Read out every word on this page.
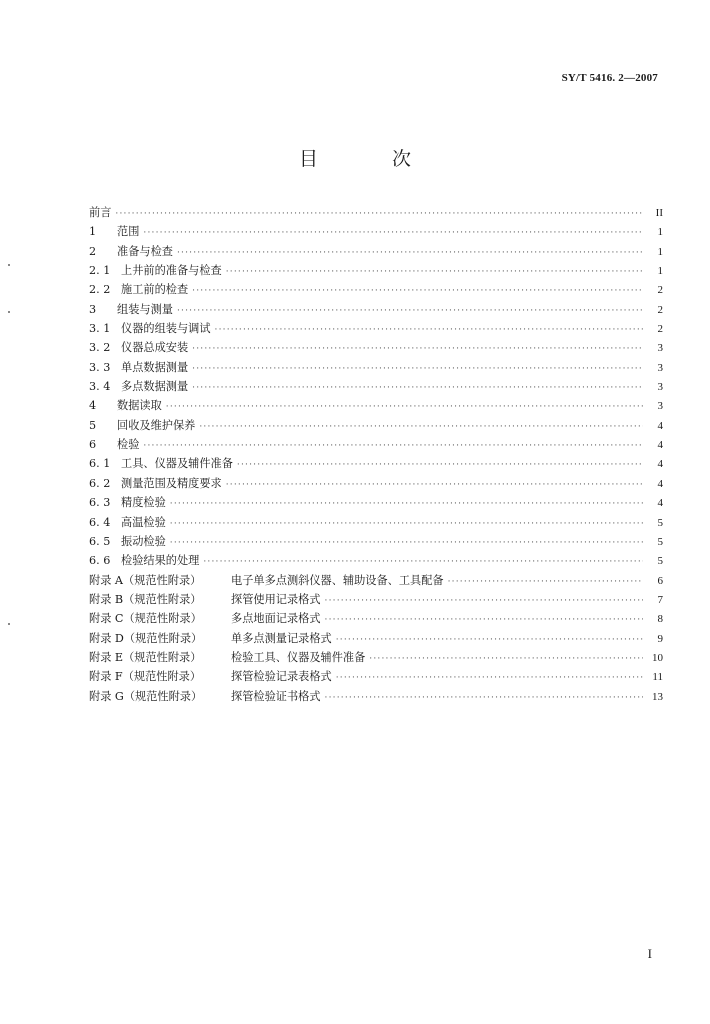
SY/T 5416. 2—2007
目 次
前言 ·····	II
1	范围 ·····	1
2	准备与检查 ·····	1
2. 1 上井前的准备与检查 ·····	1
2. 2 施工前的检查 ·····	2
3	组装与测量 ·····	2
3. 1 仪器的组装与调试 ·····	2
3. 2 仪器总成安装 ·····	3
3. 3 单点数据测量 ·····	3
3. 4 多点数据测量 ·····	3
4	数据读取 ·····	3
5	回收及维护保养 ·····	4
6	检验 ·····	4
6. 1 工具、仪器及辅件准备 ·····	4
6. 2 测量范围及精度要求 ·····	4
6. 3 精度检验 ·····	4
6. 4 高温检验 ·····	5
6. 5 振动检验 ·····	5
6. 6 检验结果的处理 ·····	5
附录 A（规范性附录）	电子单多点测斜仪器、辅助设备、工具配备 ·····	6
附录 B（规范性附录）	探管使用记录格式 ·····	7
附录 C（规范性附录）	多点地面记录格式 ·····	8
附录 D（规范性附录）	单多点测量记录格式 ·····	9
附录 E（规范性附录）	检验工具、仪器及辅件准备 ·····	10
附录 F（规范性附录）	探管检验记录表格式 ·····	11
附录 G（规范性附录）	探管检验证书格式 ·····	13
I
